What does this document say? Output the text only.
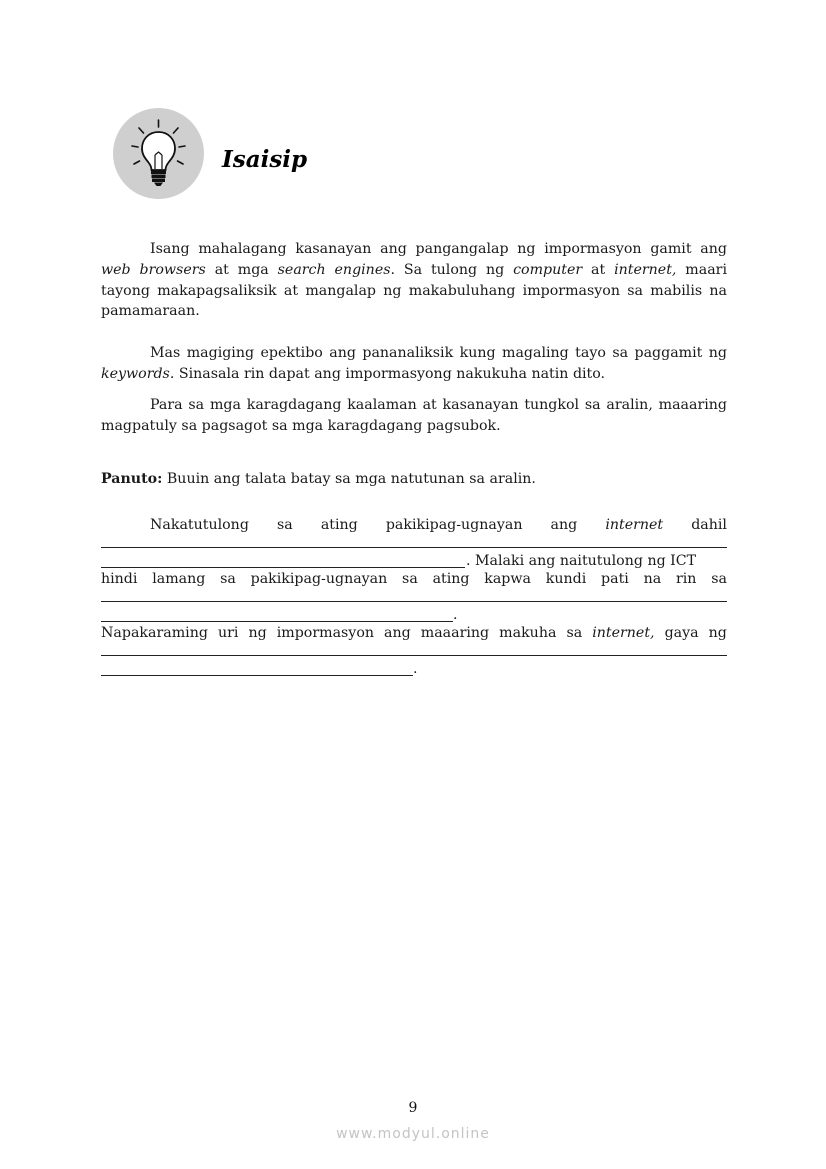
Isaisip

Isang mahalagang kasanayan ang pangangalap ng impormasyon gamit ang web browsers at mga search engines. Sa tulong ng computer at internet, maari tayong makapagsaliksik at mangalap ng makabuluhang impormasyon sa mabilis na pamamaraan.

Mas magiging epektibo ang pananaliksik kung magaling tayo sa paggamit ng keywords. Sinasala rin dapat ang impormasyong nakukuha natin dito.

Para sa mga karagdagang kaalaman at kasanayan tungkol sa aralin, maaaring magpatuly sa pagsagot sa mga karagdagang pagsubok.

Panuto: Buuin ang talata batay sa mga natutunan sa aralin.
Nakatutulong sa ating pakikipag-ugnayan ang internet dahil
. Malaki ang naitutulong ng ICT
hindi lamang sa pakikipag-ugnayan sa ating kapwa kundi pati na rin sa
.
Napakaraming uri ng impormasyon ang maaaring makuha sa internet, gaya ng
.
9
www.modyul.online
